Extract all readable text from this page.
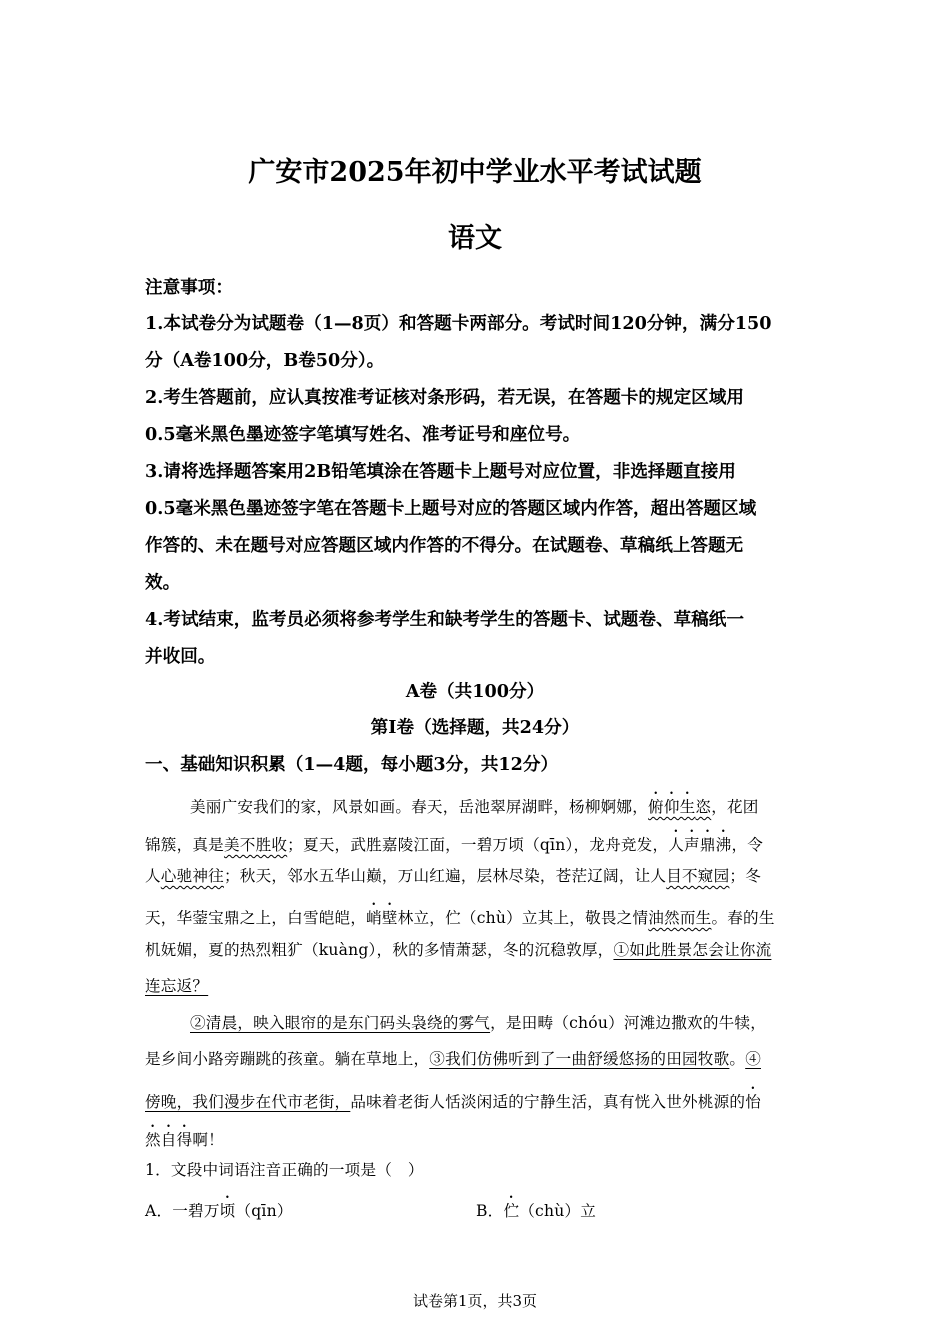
广安市2025年初中学业水平考试试题
语文
注意事项：
1.本试卷分为试题卷（1—8页）和答题卡两部分。考试时间120分钟，满分150
分（A卷100分，B卷50分）。
2.考生答题前，应认真按准考证核对条形码，若无误，在答题卡的规定区域用
0.5毫米黑色墨迹签字笔填写姓名、准考证号和座位号。
3.请将选择题答案用2B铅笔填涂在答题卡上题号对应位置，非选择题直接用
0.5毫米黑色墨迹签字笔在答题卡上题号对应的答题区域内作答，超出答题区域
作答的、未在题号对应答题区域内作答的不得分。在试题卷、草稿纸上答题无
效。
4.考试结束，监考员必须将参考学生和缺考学生的答题卡、试题卷、草稿纸一
并收回。
A卷（共100分）
第Ⅰ卷（选择题，共24分）
一、基础知识积累（1—4题，每小题3分，共12分）
美丽广安我们的家，风景如画。春天，岳池翠屏湖畔，杨柳婀娜，俯仰生恣，花团
锦簇，真是美不胜收；夏天，武胜嘉陵江面，一碧万顷（qīn），龙舟竞发，人声鼎沸，令
人心驰神往；秋天，邻水五华山巅，万山红遍，层林尽染，苍茫辽阔，让人目不窥园；冬
天，华蓥宝鼎之上，白雪皑皑，峭壁林立，伫（chù）立其上，敬畏之情油然而生。春的生
机妩媚，夏的热烈粗犷（kuàng），秋的多情萧瑟，冬的沉稳敦厚，①如此胜景怎会让你流
连忘返？
②清晨，映入眼帘的是东门码头袅绕的雾气，是田畴（chóu）河滩边撒欢的牛犊，
是乡间小路旁蹦跳的孩童。躺在草地上，③我们仿佛听到了一曲舒缓悠扬的田园牧歌。④
傍晚，我们漫步在代市老街，品味着老街人恬淡闲适的宁静生活，真有恍入世外桃源的怡
然自得啊！
1．文段中词语注音正确的一项是（　）
A．一碧万顷（qīn）	B．伫（chù）立
试卷第1页，共3页
